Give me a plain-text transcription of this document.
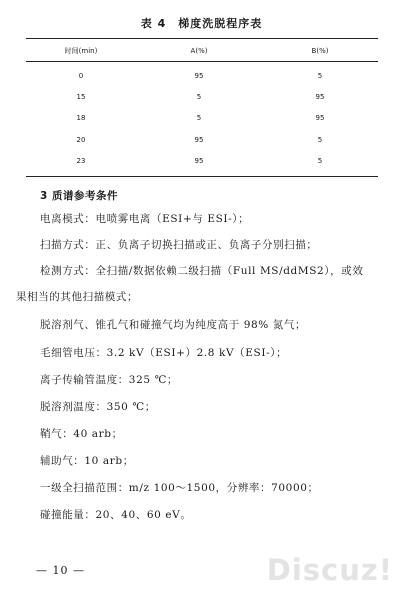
表 4　梯度洗脱程序表
时间(min)	A(%)	B(%)
0	95	5
15	5	95
18	5	95
20	95	5
23	95	5
3 质谱参考条件
电离模式：电喷雾电离（ESI+与 ESI-）；
扫描方式：正、负离子切换扫描或正、负离子分别扫描；
检测方式：全扫描/数据依赖二级扫描（Full MS/ddMS2），或效
果相当的其他扫描模式；
脱溶剂气、锥孔气和碰撞气均为纯度高于 98% 氮气；
毛细管电压：3.2 kV（ESI+）2.8 kV（ESI-）；
离子传输管温度：325 ℃；
脱溶剂温度：350 ℃；
鞘气：40 arb；
辅助气：10 arb；
一级全扫描范围：m/z 100～1500，分辨率：70000；
碰撞能量：20、40、60 eV。
— 10 —	Discuz!
